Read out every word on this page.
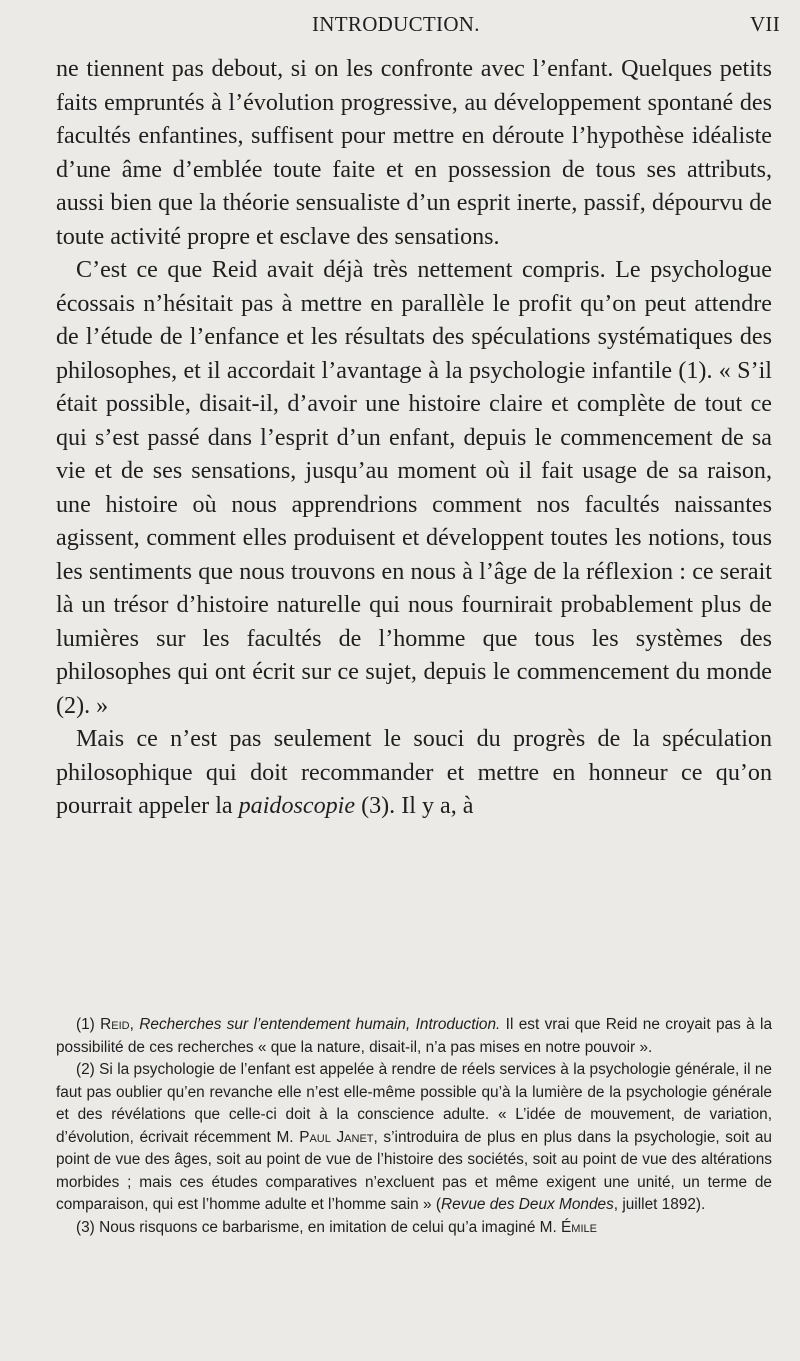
INTRODUCTION.	VII

ne tiennent pas debout, si on les confronte avec l’enfant. Quelques petits faits empruntés à l’évolution progressive, au développement spontané des facultés enfantines, suffisent pour mettre en déroute l’hypothèse idéaliste d’une âme d’emblée toute faite et en possession de tous ses attributs, aussi bien que la théorie sensualiste d’un esprit inerte, passif, dépourvu de toute activité propre et esclave des sensations.

C’est ce que Reid avait déjà très nettement compris. Le psychologue écossais n’hésitait pas à mettre en parallèle le profit qu’on peut attendre de l’étude de l’enfance et les résultats des spéculations systématiques des philosophes, et il accordait l’avantage à la psychologie infantile (1). « S’il était possible, disait-il, d’avoir une histoire claire et complète de tout ce qui s’est passé dans l’esprit d’un enfant, depuis le commencement de sa vie et de ses sensations, jusqu’au moment où il fait usage de sa raison, une histoire où nous apprendrions comment nos facultés naissantes agissent, comment elles produisent et développent toutes les notions, tous les sentiments que nous trouvons en nous à l’âge de la réflexion : ce serait là un trésor d’histoire naturelle qui nous fournirait probablement plus de lumières sur les facultés de l’homme que tous les systèmes des philosophes qui ont écrit sur ce sujet, depuis le commencement du monde (2). »

Mais ce n’est pas seulement le souci du progrès de la spéculation philosophique qui doit recommander et mettre en honneur ce qu’on pourrait appeler la paidoscopie (3). Il y a, à

(1) Reid, Recherches sur l’entendement humain, Introduction. Il est vrai que Reid ne croyait pas à la possibilité de ces recherches « que la nature, disait-il, n’a pas mises en notre pouvoir ».

(2) Si la psychologie de l’enfant est appelée à rendre de réels services à la psychologie générale, il ne faut pas oublier qu’en revanche elle n’est elle-même possible qu’à la lumière de la psychologie générale et des révélations que celle-ci doit à la conscience adulte. « L’idée de mouvement, de variation, d’évolution, écrivait récemment M. Paul Janet, s’introduira de plus en plus dans la psychologie, soit au point de vue des âges, soit au point de vue de l’histoire des sociétés, soit au point de vue des altérations morbides ; mais ces études comparatives n’excluent pas et même exigent une unité, un terme de comparaison, qui est l’homme adulte et l’homme sain » (Revue des Deux Mondes, juillet 1892).

(3) Nous risquons ce barbarisme, en imitation de celui qu’a imaginé M. Émile
